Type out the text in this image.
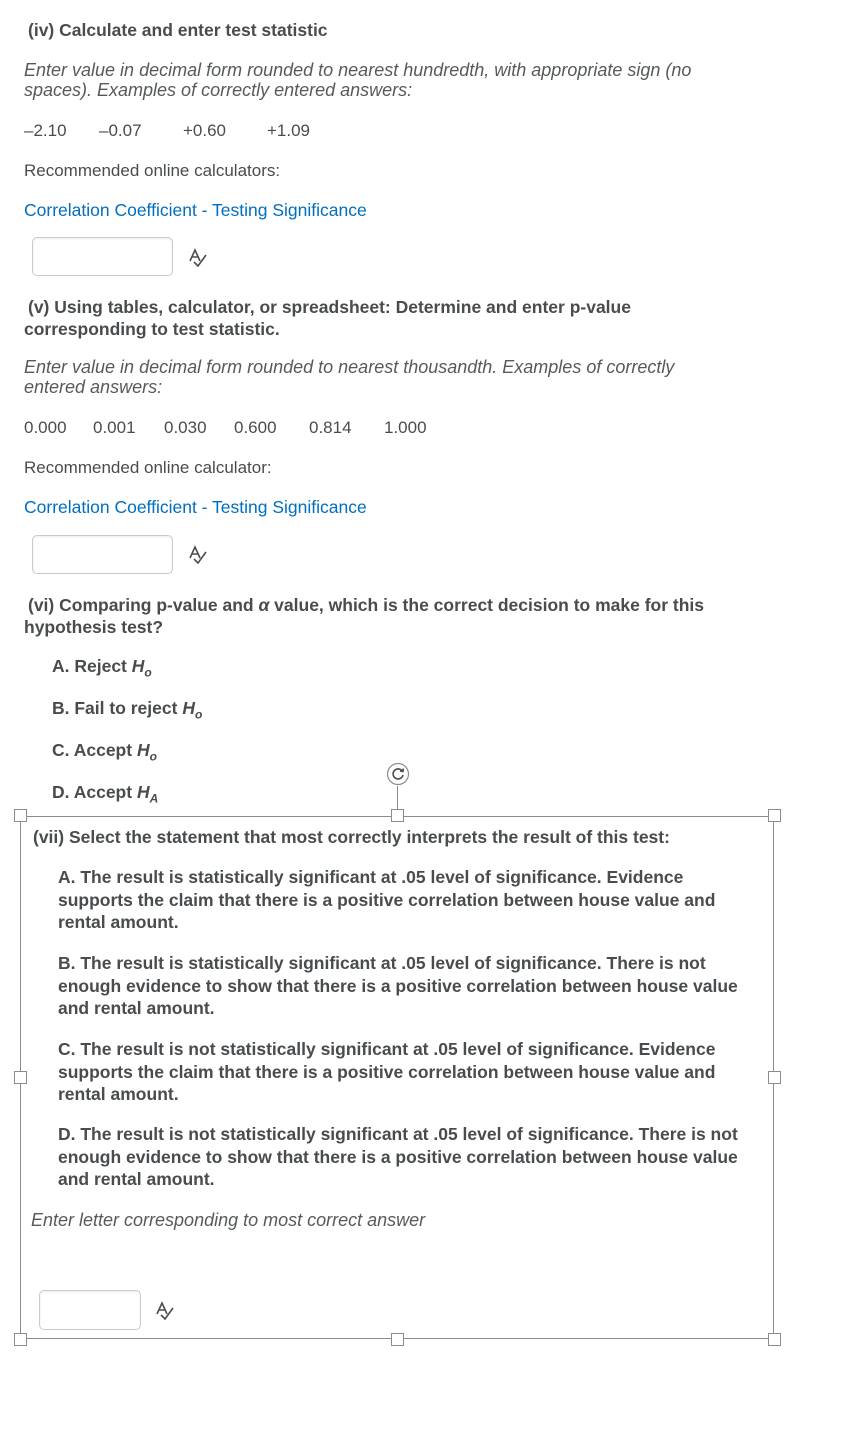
(iv) Calculate and enter test statistic
Enter value in decimal form rounded to nearest hundredth, with appropriate sign (no spaces). Examples of correctly entered answers:
–2.10 –0.07 +0.60 +1.09
Recommended online calculators:
Correlation Coefficient - Testing Significance
(v) Using tables, calculator, or spreadsheet: Determine and enter p-value corresponding to test statistic.
Enter value in decimal form rounded to nearest thousandth. Examples of correctly entered answers:
0.000 0.001 0.030 0.600 0.814 1.000
Recommended online calculator:
Correlation Coefficient - Testing Significance
(vi) Comparing p-value and α value, which is the correct decision to make for this hypothesis test?
A. Reject $H_o$
B. Fail to reject $H_o$
C. Accept $H_o$
D. Accept $H_A$
(vii) Select the statement that most correctly interprets the result of this test:
A. The result is statistically significant at .05 level of significance. Evidence supports the claim that there is a positive correlation between house value and rental amount.
B. The result is statistically significant at .05 level of significance. There is not enough evidence to show that there is a positive correlation between house value and rental amount.
C. The result is not statistically significant at .05 level of significance. Evidence supports the claim that there is a positive correlation between house value and rental amount.
D. The result is not statistically significant at .05 level of significance. There is not enough evidence to show that there is a positive correlation between house value and rental amount.
Enter letter corresponding to most correct answer
